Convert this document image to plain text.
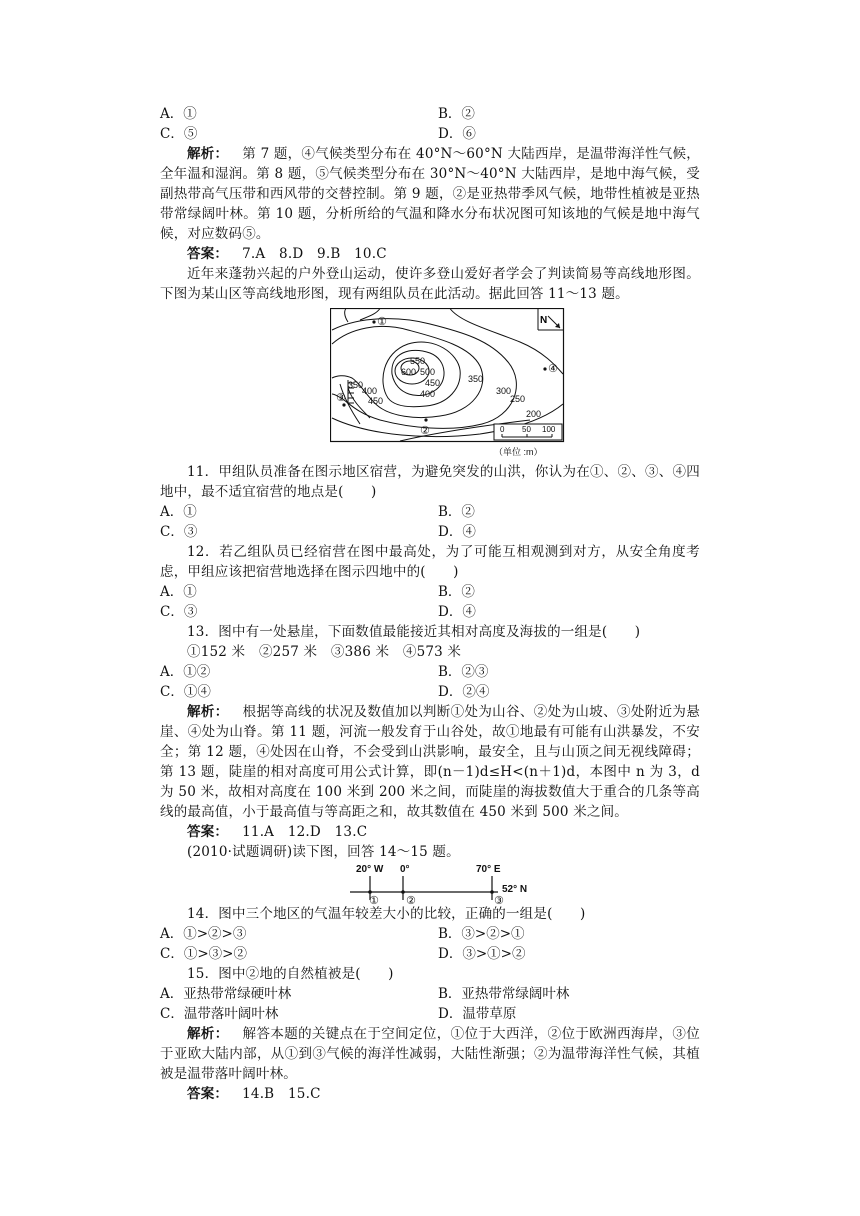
A．①	B．②
C．⑤	D．⑥
解析： 第 7 题，④气候类型分布在 40°N～60°N 大陆西岸，是温带海洋性气候，全年温和湿润。第 8 题，⑤气候类型分布在 30°N～40°N 大陆西岸，是地中海气候，受副热带高气压带和西风带的交替控制。第 9 题，②是亚热带季风气候，地带性植被是亚热带常绿阔叶林。第 10 题，分析所给的气温和降水分布状况图可知该地的气候是地中海气候，对应数码⑤。
答案： 7.A　8.D　9.B　10.C
近年来蓬勃兴起的户外登山运动，使许多登山爱好者学会了判读简易等高线地形图。下图为某山区等高线地形图，现有两组队员在此活动。据此回答 11～13 题。
N
550
600 500
450
400
350
400
450
350
300
250
200
①
②
③
④
0 50 100
（单位 :m）
11．甲组队员准备在图示地区宿营，为避免突发的山洪，你认为在①、②、③、④四地中，最不适宜宿营的地点是(　　)
A．①	B．②
C．③	D．④
12．若乙组队员已经宿营在图中最高处，为了可能互相观测到对方，从安全角度考虑，甲组应该把宿营地选择在图示四地中的(　　)
A．①	B．②
C．③	D．④
13．图中有一处悬崖，下面数值最能接近其相对高度及海拔的一组是(　　)
①152 米　②257 米　③386 米　④573 米
A．①②	B．②③
C．①④	D．②④
解析： 根据等高线的状况及数值加以判断①处为山谷、②处为山坡、③处附近为悬崖、④处为山脊。第 11 题，河流一般发育于山谷处，故①地最有可能有山洪暴发，不安全；第 12 题，④处因在山脊，不会受到山洪影响，最安全，且与山顶之间无视线障碍；第 13 题，陡崖的相对高度可用公式计算，即(n－1)d≤H<(n＋1)d，本图中 n 为 3，d 为 50 米，故相对高度在 100 米到 200 米之间，而陡崖的海拔数值大于重合的几条等高线的最高值，小于最高值与等高距之和，故其数值在 450 米到 500 米之间。
答案： 11.A　12.D　13.C
(2010·试题调研)读下图，回答 14～15 题。
20° W 0°	70° E
52° N
① ②	③
14．图中三个地区的气温年较差大小的比较，正确的一组是(　　)
A．①>②>③	B．③>②>①
C．①>③>②	D．③>①>②
15．图中②地的自然植被是(　　)
A．亚热带常绿硬叶林	B．亚热带常绿阔叶林
C．温带落叶阔叶林	D．温带草原
解析： 解答本题的关键点在于空间定位，①位于大西洋，②位于欧洲西海岸，③位于亚欧大陆内部，从①到③气候的海洋性减弱，大陆性渐强；②为温带海洋性气候，其植被是温带落叶阔叶林。
答案： 14.B　15.C
